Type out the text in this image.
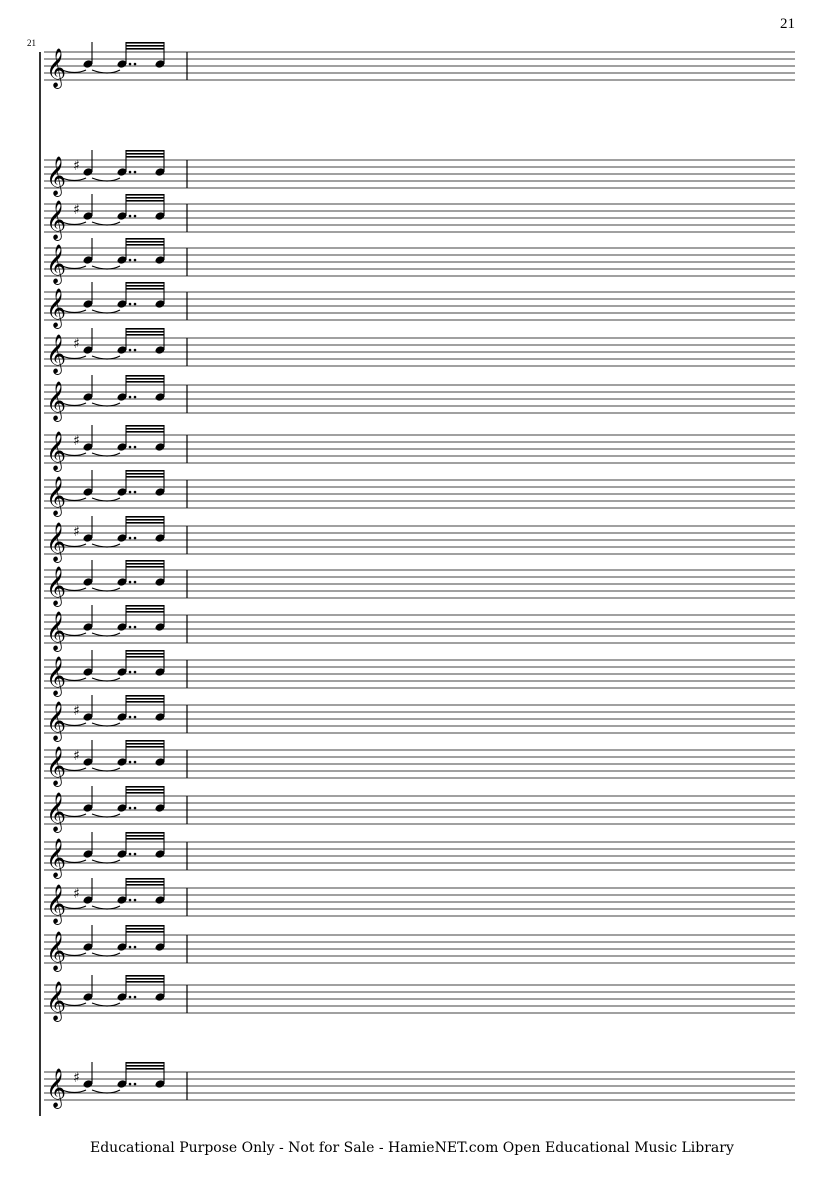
21
21
𝄞
𝄞 ♯
𝄞 ♯
𝄞
𝄞
𝄞 ♯
𝄞
𝄞 ♯
𝄞
𝄞 ♯
𝄞
𝄞
𝄞
𝄞 ♯
𝄞 ♯
𝄞
𝄞
𝄞 ♯
𝄞
𝄞
𝄞 ♯
Educational Purpose Only - Not for Sale - HamieNET.com Open Educational Music Library
